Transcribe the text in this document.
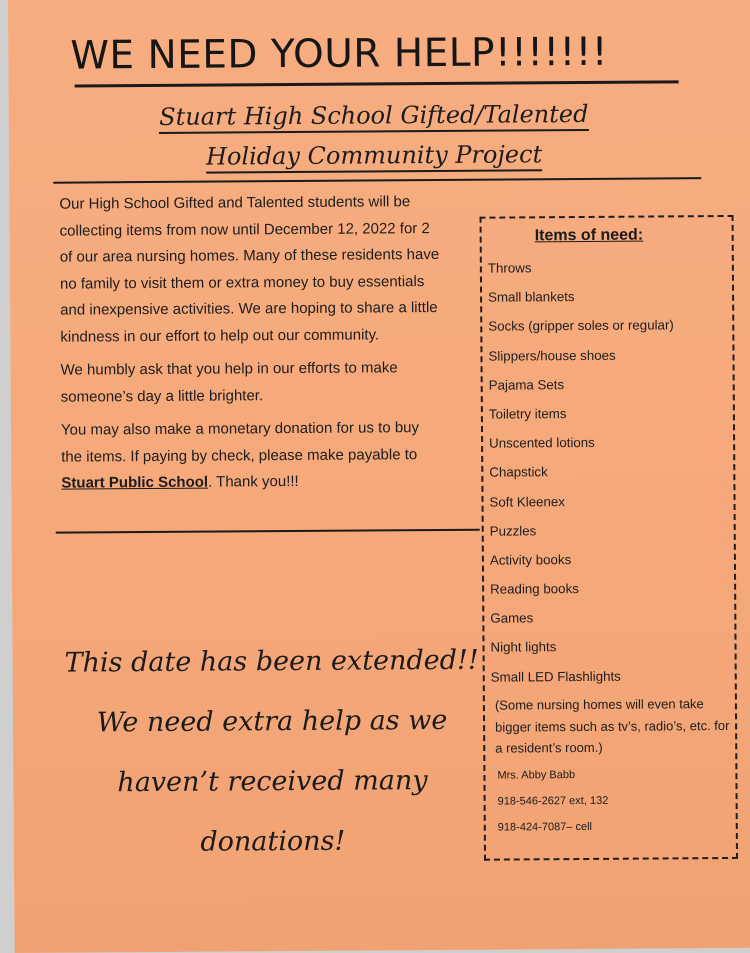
WE NEED YOUR HELP!!!!!!!
Stuart High School Gifted/Talented
Holiday Community Project

Our High School Gifted and Talented students will be collecting items from now until December 12, 2022 for 2 of our area nursing homes. Many of these residents have no family to visit them or extra money to buy essentials and inexpensive activities. We are hoping to share a little kindness in our effort to help out our community.

We humbly ask that you help in our efforts to make someone’s day a little brighter.

You may also make a monetary donation for us to buy the items. If paying by check, please make payable to Stuart Public School. Thank you!!!

This date has been extended!!
We need extra help as we
haven’t received many
donations!
Items of need:
Throws
Small blankets
Socks (gripper soles or regular)
Slippers/house shoes
Pajama Sets
Toiletry items
Unscented lotions
Chapstick
Soft Kleenex
Puzzles
Activity books
Reading books
Games
Night lights
Small LED Flashlights
(Some nursing homes will even take bigger items such as tv’s, radio’s, etc. for a resident’s room.)
Mrs. Abby Babb
918-546-2627 ext, 132
918-424-7087– cell
